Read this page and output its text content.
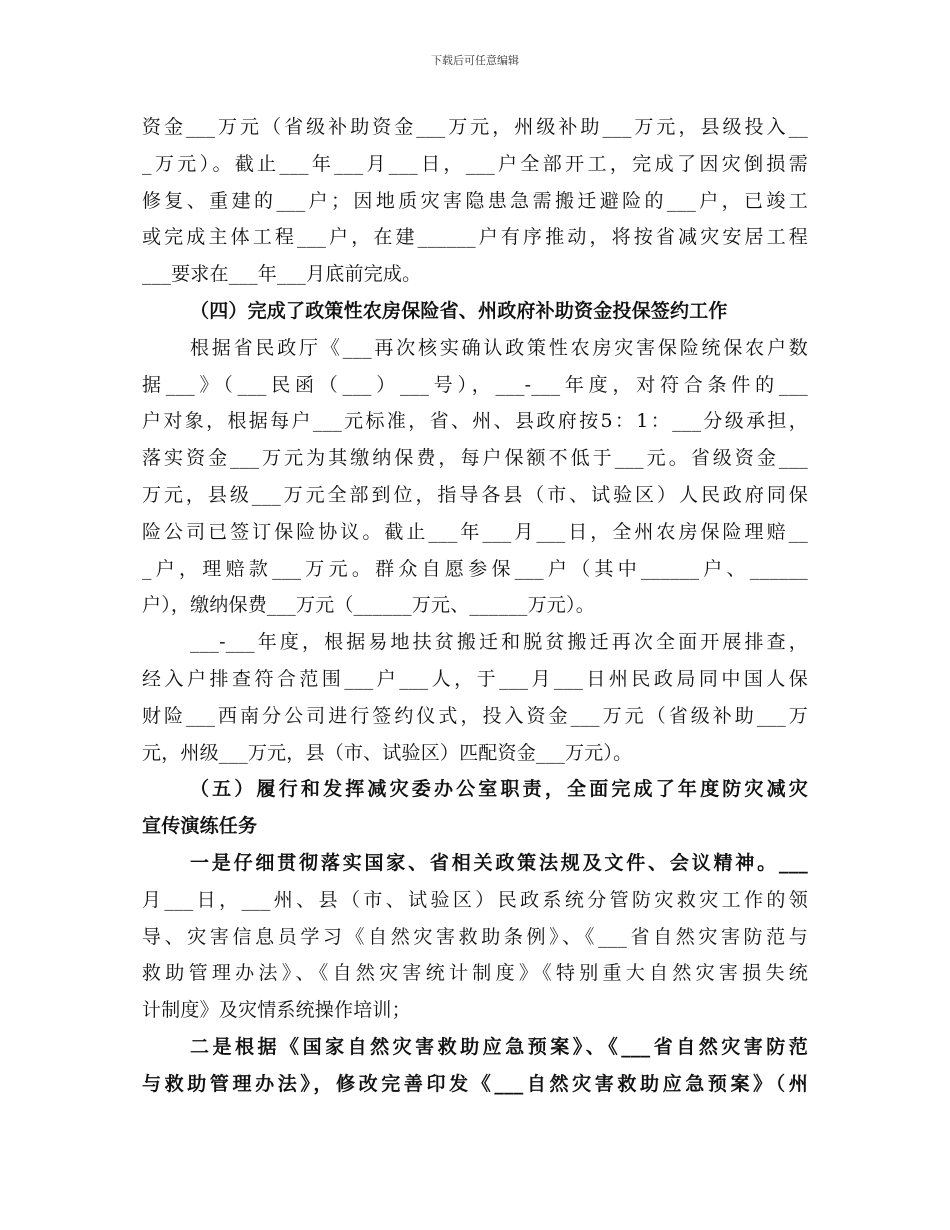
下载后可任意编辑
资金___万元（省级补助资金___万元，州级补助___万元，县级投入__
_万元）。截止___年___月___日，___户全部开工，完成了因灾倒损需
修复、重建的___户；因地质灾害隐患急需搬迁避险的___户，已竣工
或完成主体工程___户，在建______户有序推动，将按省减灾安居工程
___要求在___年___月底前完成。
（四）完成了政策性农房保险省、州政府补助资金投保签约工作
根据省民政厅《___再次核实确认政策性农房灾害保险统保农户数
据___》（___民函（___）___号），___-___年度，对符合条件的___
户对象，根据每户___元标准，省、州、县政府按5：1：___分级承担，
落实资金___万元为其缴纳保费，每户保额不低于___元。省级资金___
万元，县级___万元全部到位，指导各县（市、试验区）人民政府同保
险公司已签订保险协议。截止___年___月___日，全州农房保险理赔__
_户，理赔款___万元。群众自愿参保___户（其中______户、______
户），缴纳保费___万元（______万元、______万元）。
___-___年度，根据易地扶贫搬迁和脱贫搬迁再次全面开展排查，
经入户排查符合范围___户___人，于___月___日州民政局同中国人保
财险___西南分公司进行签约仪式，投入资金___万元（省级补助___万
元，州级___万元，县（市、试验区）匹配资金___万元）。
（五）履行和发挥减灾委办公室职责，全面完成了年度防灾减灾
宣传演练任务
一是仔细贯彻落实国家、省相关政策法规及文件、会议精神。___
月___日，___州、县（市、试验区）民政系统分管防灾救灾工作的领
导、灾害信息员学习《自然灾害救助条例》、《___省自然灾害防范与
救助管理办法》、《自然灾害统计制度》《特别重大自然灾害损失统
计制度》及灾情系统操作培训；
二是根据《国家自然灾害救助应急预案》、《___省自然灾害防范
与救助管理办法》，修改完善印发《___自然灾害救助应急预案》（州
